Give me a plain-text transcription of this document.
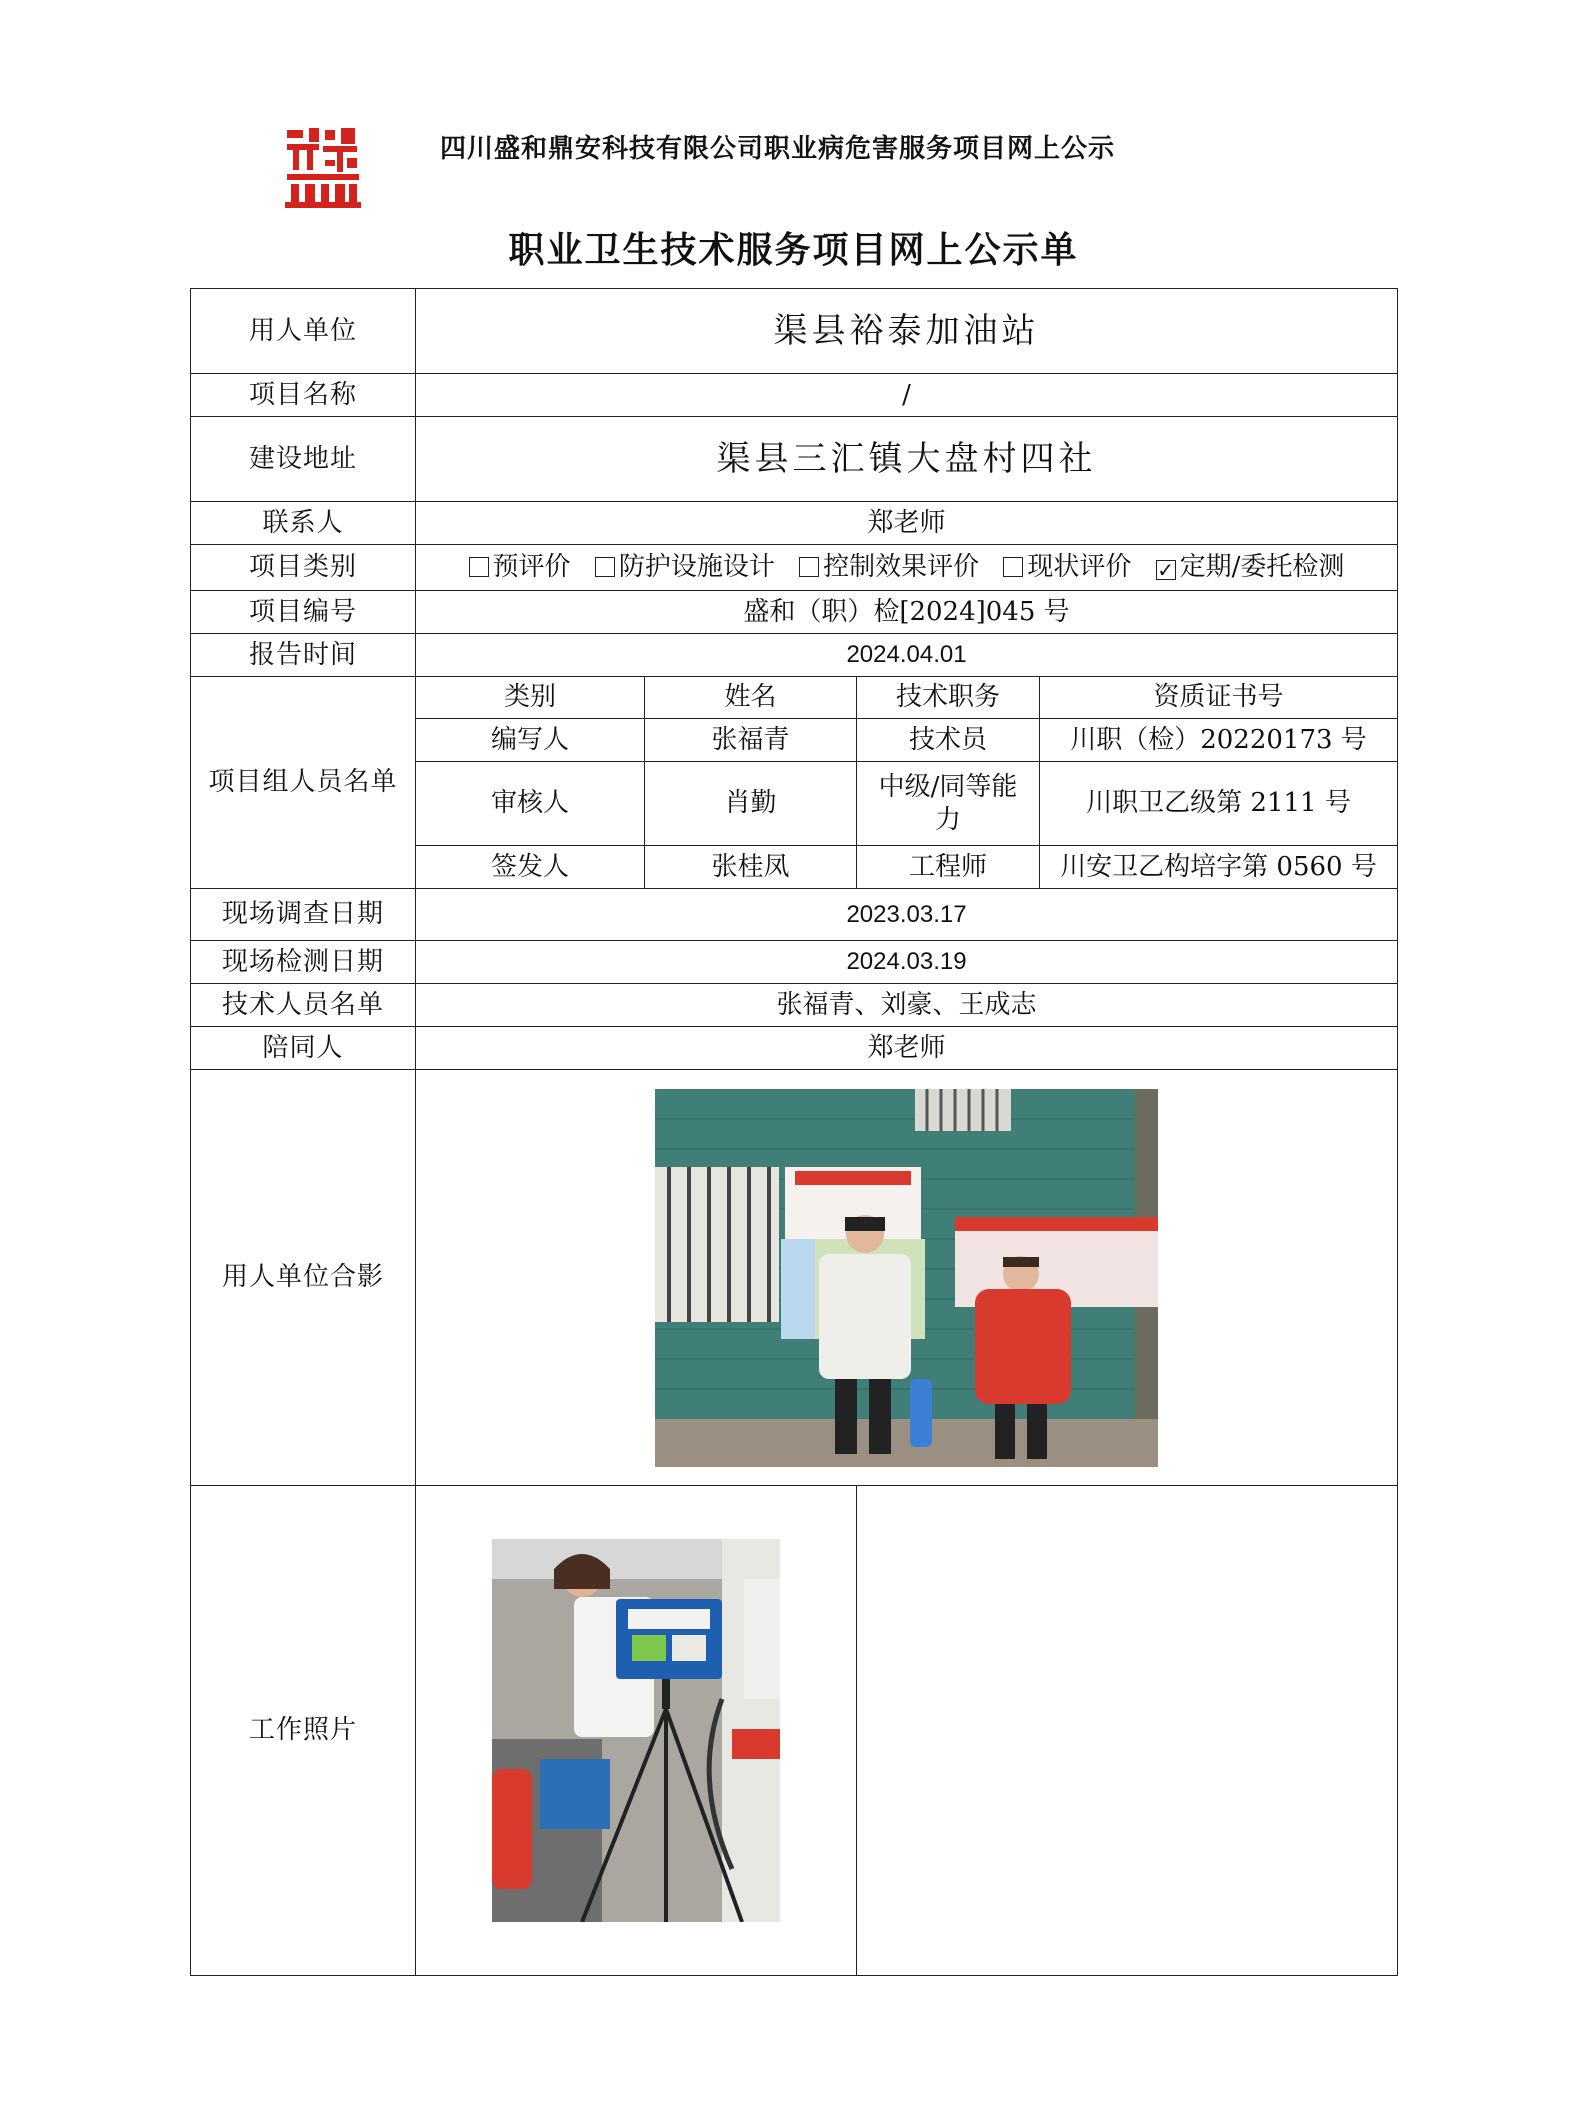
四川盛和鼎安科技有限公司职业病危害服务项目网上公示
职业卫生技术服务项目网上公示单
用人单位	渠县裕泰加油站			
项目名称	/			
建设地址	渠县三汇镇大盘村四社			
联系人	郑老师			
项目类别	预评价 防护设施设计 控制效果评价 现状评价 ✓ 定期/委托检测			
项目编号	盛和（职）检[2024]045 号			
报告时间	2024.04.01			
项目组人员名单	类别	姓名	技术职务	资质证书号
	编写人	张福青	技术员	川职（检）20220173 号
	审核人	肖勤	中级/同等能力	川职卫乙级第 2111 号
	签发人	张桂凤	工程师	川安卫乙构培字第 0560 号
现场调查日期	2023.03.17			
现场检测日期	2024.03.19			
技术人员名单	张福青、刘豪、王成志			
陪同人	郑老师			
用人单位合影	

工作照片	
